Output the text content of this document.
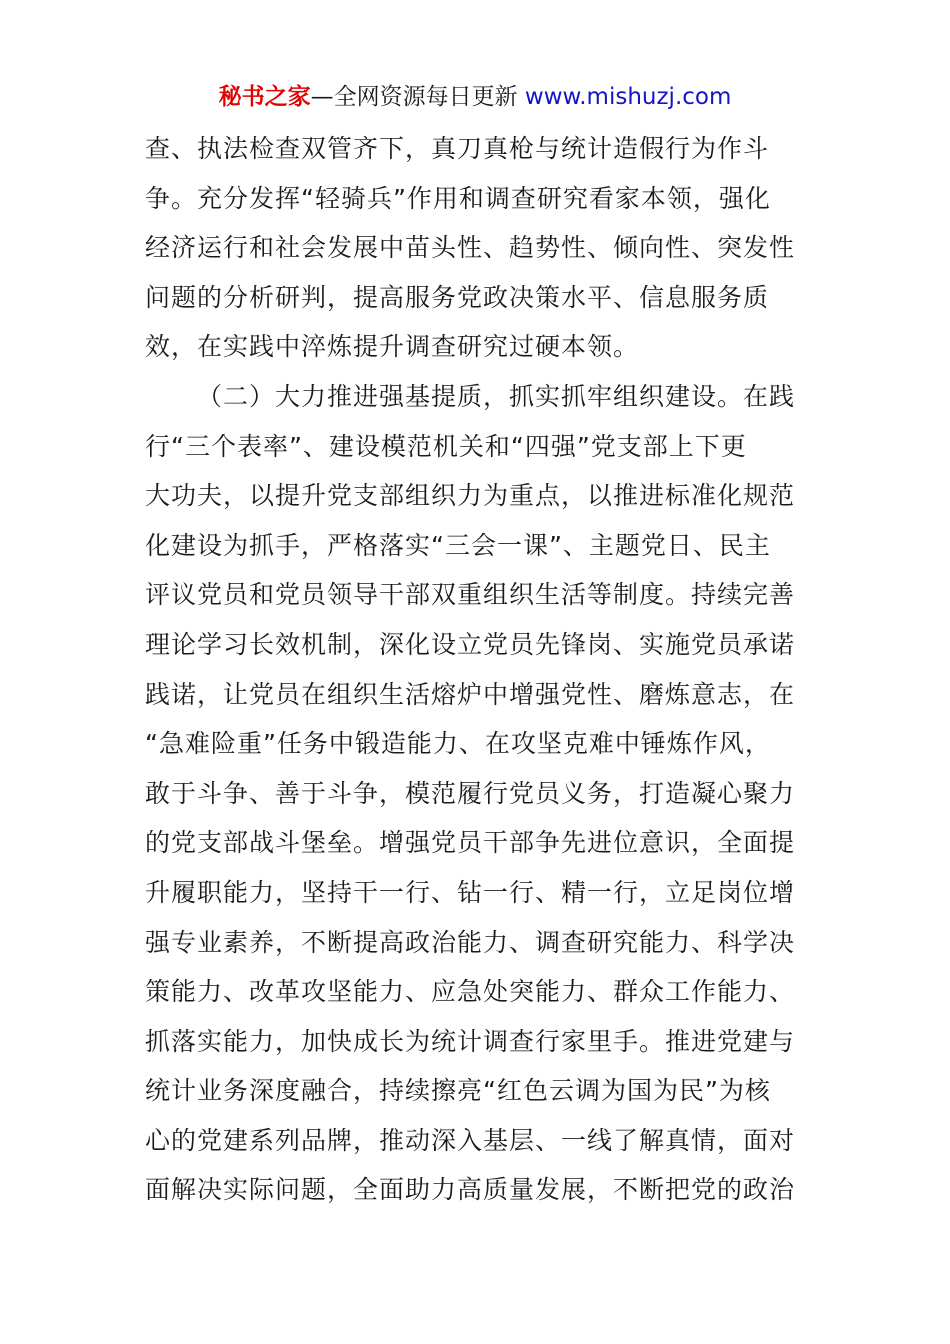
秘书之家—全网资源每日更新 www.mishuzj.com
查、执法检查双管齐下，真刀真枪与统计造假行为作斗
争。充分发挥“轻骑兵”作用和调查研究看家本领，强化
经济运行和社会发展中苗头性、趋势性、倾向性、突发性
问题的分析研判，提高服务党政决策水平、信息服务质
效，在实践中淬炼提升调查研究过硬本领。
（二）大力推进强基提质，抓实抓牢组织建设。在践
行“三个表率”、建设模范机关和“四强”党支部上下更
大功夫，以提升党支部组织力为重点，以推进标准化规范
化建设为抓手，严格落实“三会一课”、主题党日、民主
评议党员和党员领导干部双重组织生活等制度。持续完善
理论学习长效机制，深化设立党员先锋岗、实施党员承诺
践诺，让党员在组织生活熔炉中增强党性、磨炼意志，在
“急难险重”任务中锻造能力、在攻坚克难中锤炼作风，
敢于斗争、善于斗争，模范履行党员义务，打造凝心聚力
的党支部战斗堡垒。增强党员干部争先进位意识，全面提
升履职能力，坚持干一行、钻一行、精一行，立足岗位增
强专业素养，不断提高政治能力、调查研究能力、科学决
策能力、改革攻坚能力、应急处突能力、群众工作能力、
抓落实能力，加快成长为统计调查行家里手。推进党建与
统计业务深度融合，持续擦亮“红色云调为国为民”为核
心的党建系列品牌，推动深入基层、一线了解真情，面对
面解决实际问题，全面助力高质量发展，不断把党的政治
